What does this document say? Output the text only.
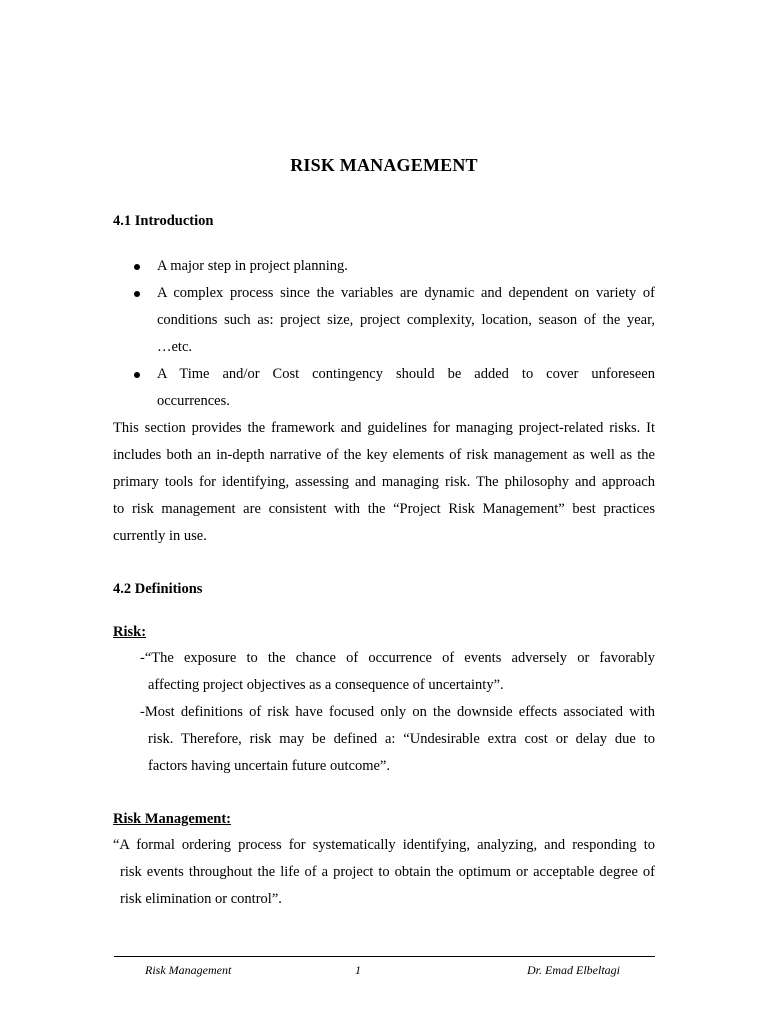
RISK MANAGEMENT
4.1 Introduction
A major step in project planning.
A complex process since the variables are dynamic and dependent on variety of
conditions such as: project size, project complexity, location, season of the year,
…etc.
A Time and/or Cost contingency should be added to cover unforeseen
occurrences.
This section provides the framework and guidelines for managing project-related risks. It
includes both an in-depth narrative of the key elements of risk management as well as the
primary tools for identifying, assessing and managing risk. The philosophy and approach
to risk management are consistent with the “Project Risk Management” best practices
currently in use.
4.2 Definitions
Risk:
-“The exposure to the chance of occurrence of events adversely or favorably
affecting project objectives as a consequence of uncertainty”.
-Most definitions of risk have focused only on the downside effects associated with
risk. Therefore, risk may be defined a: “Undesirable extra cost or delay due to
factors having uncertain future outcome”.
Risk Management:
“A formal ordering process for systematically identifying, analyzing, and responding to
risk events throughout the life of a project to obtain the optimum or acceptable degree of
risk elimination or control”.
Risk Management	1	Dr. Emad Elbeltagi
